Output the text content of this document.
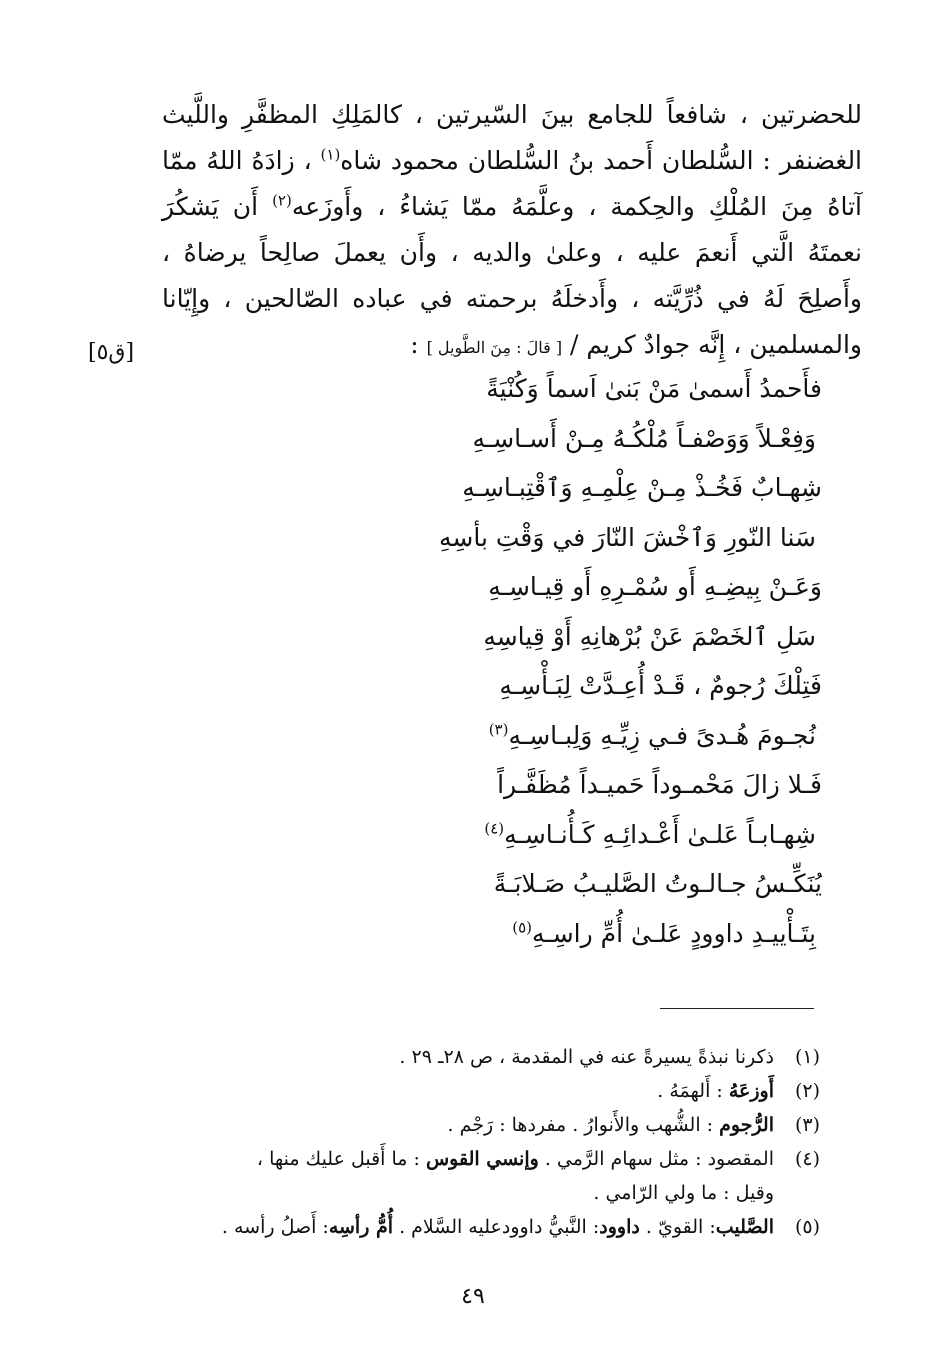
للحضرتين ، شافعاً للجامع بينَ السّيرتين ، كالمَلِكِ المظفَّرِ واللَّيث
الغضنفر : السُّلطان أَحمد بنُ السُّلطان محمود شاه$^{(١)}$ ، زادَهُ اللهُ ممّا
آتاهُ مِنَ المُلْكِ والحِكمة ، وعلَّمَهُ ممّا يَشاءُ ، وأَوزَعه$^{(٢)}$ أَن يَشكُرَ
نعمتَهُ الَّتي أَنعمَ عليه ، وعلىٰ والديه ، وأَن يعملَ صالِحاً يرضاهُ ،
وأَصلِحَ لَهُ في ذُرِّيَّته ، وأَدخلَهُ برحمته في عباده الصّالحين ، وإِيّانا
والمسلمين ، إِنَّه جوادٌ كريم / [ قالَ : مِنَ الطَّويل ] :
[ق٥]
فأَحمدُ أَسمىٰ مَنْ بَنىٰ اَسماً وَكُنْيَةً
وَفِعْـلاً وَوَصْفـاً مُلْكُـهُ مِـنْ أَسـاسِـهِ
شِهـابٌ فَخُـذْ مِـنْ عِلْمِـهِ وَٱقْتِبـاسِـهِ
سَنا النّورِ وَٱخْشَ النّارَ في وَقْتِ بأسِهِ
وَعَـنْ بِيضِـهِ أَو سُمْـرِهِ أَو قِيـاسِـهِ
سَلِ ٱلخَصْمَ عَنْ بُرْهانِهِ أَوْ قِياسِهِ
فَتِلْكَ رُجومٌ ، قَـدْ أُعِـدَّتْ لِبَـأْسِـهِ
نُجـومَ هُـدىً فـي زِيِّـهِ وَلِبـاسِـهِ$^{(٣)}$
فَـلا زالَ مَحْمـوداً حَميـداً مُظَفَّـراً
شِهـابـاً عَلـىٰ أَعْـدائِـهِ كَـأُنـاسِـهِ$^{(٤)}$
يُنَكِّـسُ جـالـوتُ الصَّليـبُ صَـلابَـةً
بِتَـأْييـدِ داوودٍ عَلـىٰ أُمِّ راسِـهِ$^{(٥)}$
(١)
ذكرنا نبذةً يسيرةً عنه في المقدمة ، ص ٢٨ـ ٢٩ .
(٢)
أَوزعَهُ : أَلهمَهُ .
(٣)
الرُّجوم : الشُّهب والأَنوارُ . مفردها : رَجْم .
(٤)
المقصود : مثل سهام الرَّمي . وإنسي القوس : ما أَقبل عليك منها ،
وقيل : ما ولي الرّامي .
(٥)
الصَّليب: القويّ . داوود: النَّبيُّ داوودعليه السَّلام . أُمُّ رأسِه: أَصلُ رأسه .
٤٩
